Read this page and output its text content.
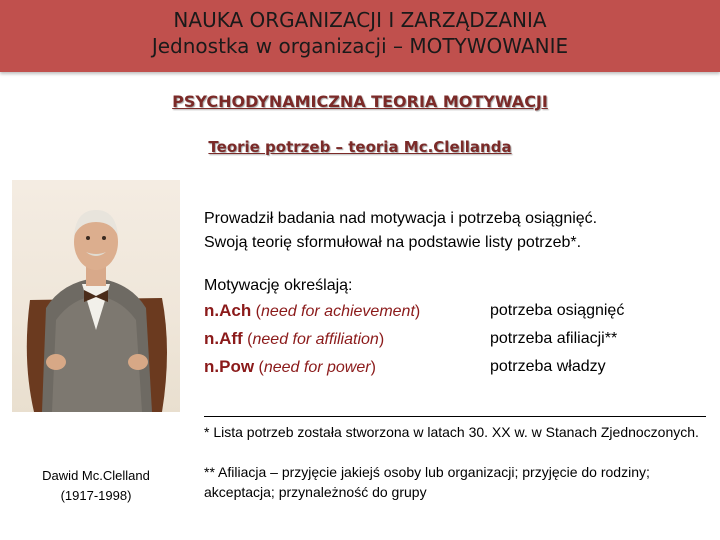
NAUKA ORGANIZACJI I ZARZĄDZANIA
Jednostka w organizacji – MOTYWOWANIE
PSYCHODYNAMICZNA TEORIA MOTYWACJI
Teorie potrzeb – teoria Mc.Clellanda
Dawid Mc.Clelland
(1917-1998)
Prowadził badania nad motywacja i potrzebą osiągnięć.
Swoją teorię sformułował na podstawie listy potrzeb*.
Motywację określają:
n.Ach (need for achievement)	potrzeba osiągnięć
n.Aff (need for affiliation)	potrzeba afiliacji**
n.Pow (need for power)	potrzeba władzy
* Lista potrzeb została stworzona w latach 30. XX w. w Stanach Zjednoczonych.
** Afiliacja – przyjęcie jakiejś osoby lub organizacji; przyjęcie do rodziny; akceptacja; przynależność do grupy
